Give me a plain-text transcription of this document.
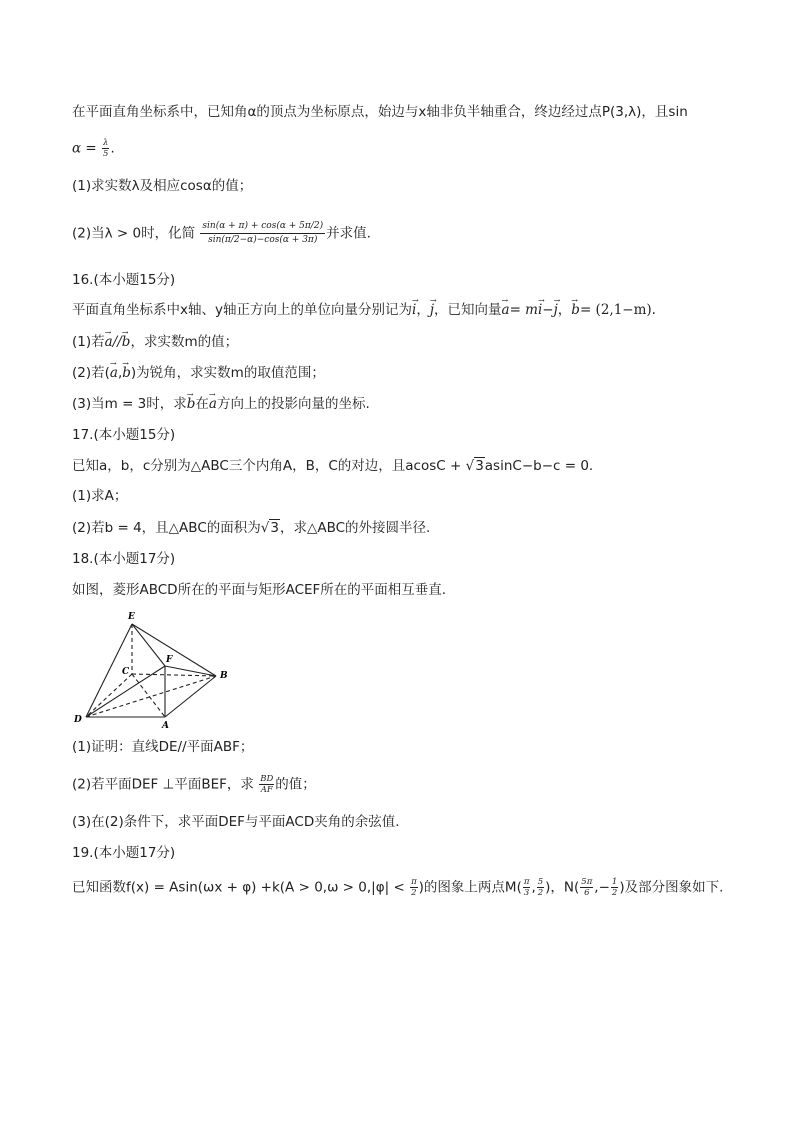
在平面直角坐标系中，已知角α的顶点为坐标原点，始边与x轴非负半轴重合，终边经过点P(3,λ)，且sin
$\alpha = \frac{\lambda}{5}$ .
(1)求实数λ及相应cosα的值；
(2)当λ > 0时，化简 $\frac{\sin(\alpha + \pi) + \cos(\alpha + 5\pi/2)}{\sin(\pi/2-\alpha)-\cos(\alpha + 3\pi)}$ 并求值.
16.(本小题15分)
平面直角坐标系中x轴、y轴正方向上的单位向量分别记为→ i，→ j，已知向量→ a= m→ i−→ j，→ b= (2,1−m).
(1)若→ a//→ b，求实数m的值；
(2)若(→ a,→ b)为锐角，求实数m的取值范围；
(3)当m = 3时，求→ b在→ a方向上的投影向量的坐标.
17.(本小题15分)
已知a，b，c分别为△ABC三个内角A，B，C的对边，且acosC + √3asinC−b−c = 0.
(1)求A；
(2)若b = 4，且△ABC的面积为√3，求△ABC的外接圆半径.
18.(本小题17分)
如图，菱形ABCD所在的平面与矩形ACEF所在的平面相互垂直.
E
C
F
B
D
A
(1)证明：直线DE//平面ABF；
(2)若平面DEF ⊥平面BEF，求 $\frac{BD}{AF}$ 的值；
(3)在(2)条件下，求平面DEF与平面ACD夹角的余弦值.
19.(本小题17分)
已知函数$f(x) = Asin(\omega x + \varphi) +k(A > 0,\omega > 0,|\varphi| < \frac{\pi}{2}$ )的图象上两点$M( \frac{\pi}{3}$ , $\frac{5}{2}$ )，$N( \frac{5\pi}{6}$ ,− $\frac{1}{2}$ )及部分图象如下.
